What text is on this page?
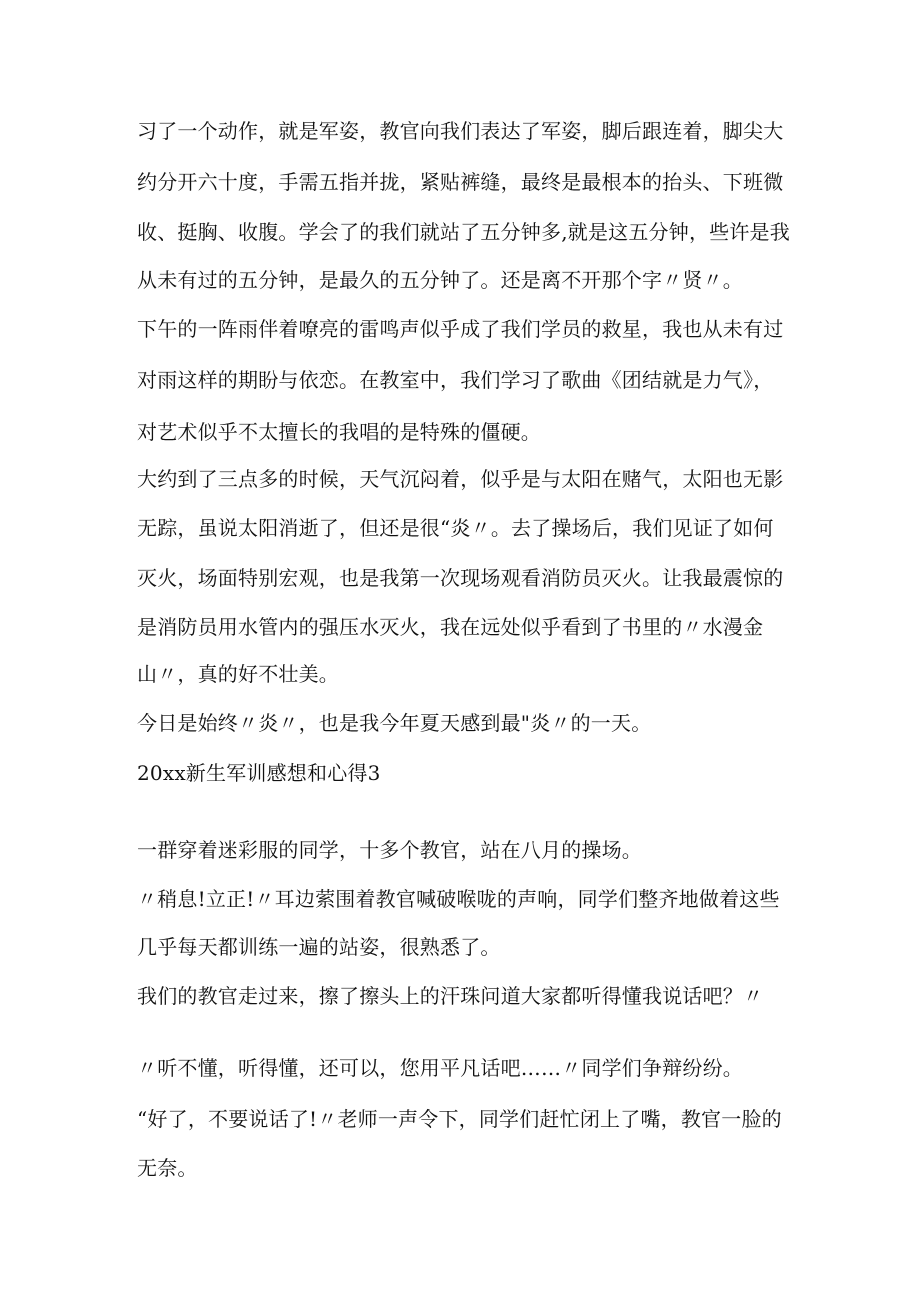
习了一个动作，就是军姿，教官向我们表达了军姿，脚后跟连着，脚尖大
约分开六十度，手需五指并拢，紧贴裤缝，最终是最根本的抬头、下班微
收、挺胸、收腹。学会了的我们就站了五分钟多,就是这五分钟，些许是我
从未有过的五分钟，是最久的五分钟了。还是离不开那个字〃贤〃。
下午的一阵雨伴着嘹亮的雷鸣声似乎成了我们学员的救星，我也从未有过
对雨这样的期盼与依恋。在教室中，我们学习了歌曲《团结就是力气》，
对艺术似乎不太擅长的我唱的是特殊的僵硬。
大约到了三点多的时候，天气沉闷着，似乎是与太阳在赌气，太阳也无影
无踪，虽说太阳消逝了，但还是很“炎〃。去了操场后，我们见证了如何
灭火，场面特别宏观，也是我第一次现场观看消防员灭火。让我最震惊的
是消防员用水管内的强压水灭火，我在远处似乎看到了书里的〃水漫金
山〃，真的好不壮美。
今日是始终〃炎〃，也是我今年夏天感到最"炎〃的一天。
20xx新生军训感想和心得3
一群穿着迷彩服的同学，十多个教官，站在八月的操场。
〃稍息!立正!〃耳边萦围着教官喊破喉咙的声响，同学们整齐地做着这些
几乎每天都训练一遍的站姿，很熟悉了。
我们的教官走过来，擦了擦头上的汗珠问道大家都听得懂我说话吧？〃
〃听不懂，听得懂，还可以，您用平凡话吧……〃同学们争辩纷纷。
“好了，不要说话了!〃老师一声令下，同学们赶忙闭上了嘴，教官一脸的
无奈。
